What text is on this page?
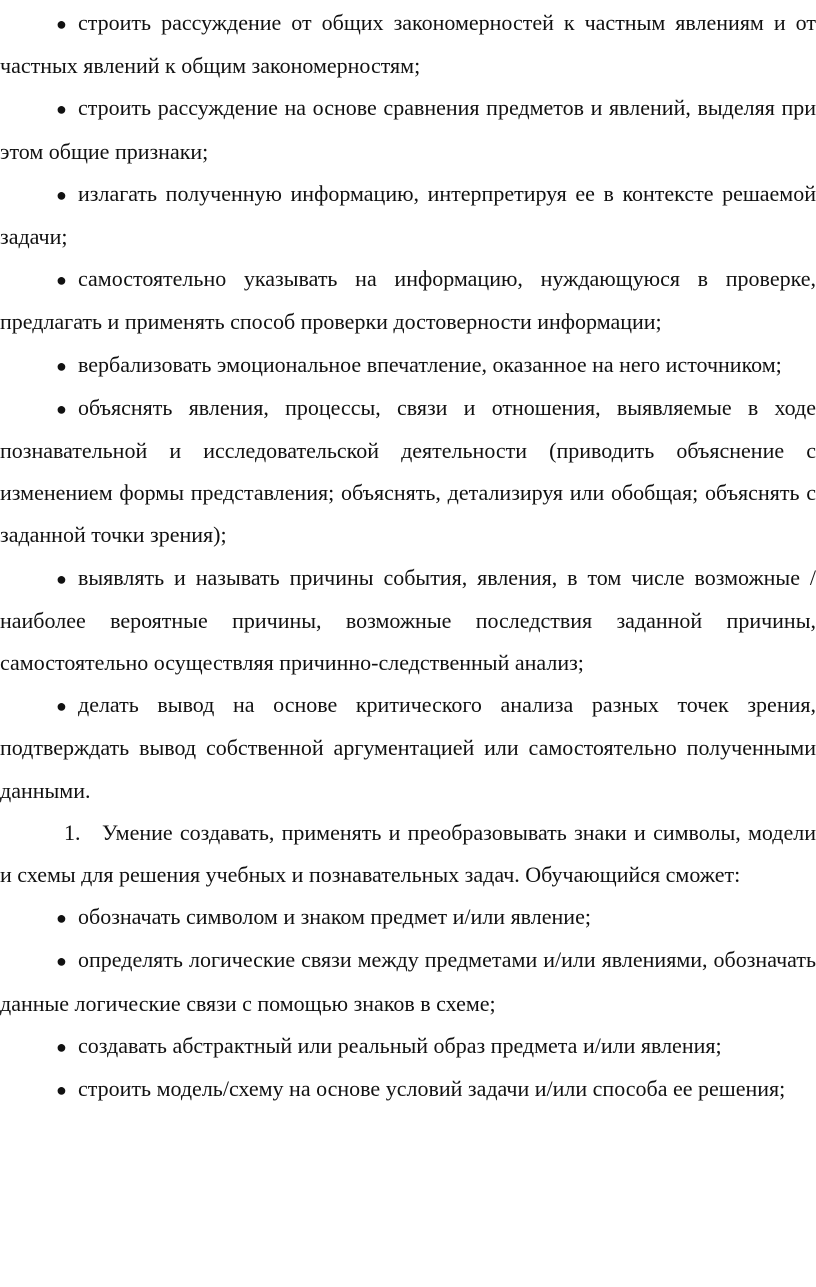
● строить рассуждение от общих закономерностей к частным явлениям и от частных явлений к общим закономерностям;

● строить рассуждение на основе сравнения предметов и явлений, выделяя при этом общие признаки;

● излагать полученную информацию, интерпретируя ее в контексте решаемой задачи;

● самостоятельно указывать на информацию, нуждающуюся в проверке, предлагать и применять способ проверки достоверности информации;

● вербализовать эмоциональное впечатление, оказанное на него источником;

● объяснять явления, процессы, связи и отношения, выявляемые в ходе познавательной и исследовательской деятельности (приводить объяснение с изменением формы представления; объяснять, детализируя или обобщая; объяснять с заданной точки зрения);

● выявлять и называть причины события, явления, в том числе возможные /наиболее вероятные причины, возможные последствия заданной причины, самостоятельно осуществляя причинно-следственный анализ;

● делать вывод на основе критического анализа разных точек зрения, подтверждать вывод собственной аргументацией или самостоятельно полученными данными.

1. Умение создавать, применять и преобразовывать знаки и символы, модели и схемы для решения учебных и познавательных задач. Обучающийся сможет:

● обозначать символом и знаком предмет и/или явление;

● определять логические связи между предметами и/или явлениями, обозначать данные логические связи с помощью знаков в схеме;

● создавать абстрактный или реальный образ предмета и/или явления;

● строить модель/схему на основе условий задачи и/или способа ее решения;
